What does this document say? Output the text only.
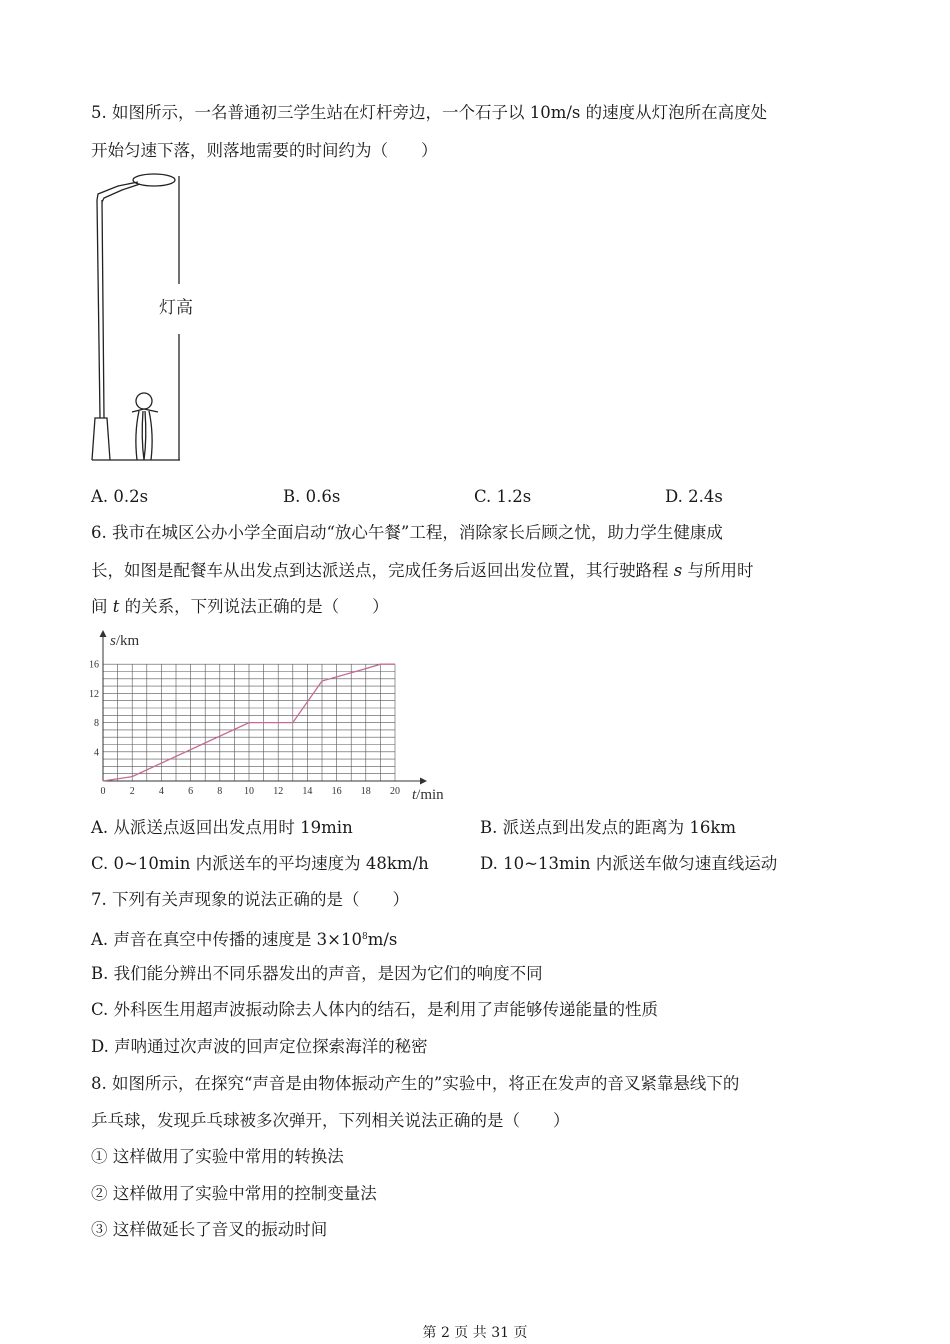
5. 如图所示，一名普通初三学生站在灯杆旁边，一个石子以 10m/s 的速度从灯泡所在高度处
开始匀速下落，则落地需要的时间约为（　　）
灯高
A. 0.2s	B. 0.6s	C. 1.2s	D. 2.4s
6. 我市在城区公办小学全面启动“放心午餐”工程，消除家长后顾之忧，助力学生健康成
长，如图是配餐车从出发点到达派送点，完成任务后返回出发位置，其行驶路程 s 与所用时
间 t 的关系，下列说法正确的是（　　）
0 2 4 6 8 10 12 14 16 18 20
4
8
12
16
s/km
t/min
A. 从派送点返回出发点用时 19min	B. 派送点到出发点的距离为 16km
C. 0~10min 内派送车的平均速度为 48km/h	D. 10~13min 内派送车做匀速直线运动
7. 下列有关声现象的说法正确的是（　　）
A. 声音在真空中传播的速度是 $3\times 10^8m/s$
B. 我们能分辨出不同乐器发出的声音，是因为它们的响度不同
C. 外科医生用超声波振动除去人体内的结石，是利用了声能够传递能量的性质
D. 声呐通过次声波的回声定位探索海洋的秘密
8. 如图所示，在探究“声音是由物体振动产生的”实验中，将正在发声的音叉紧靠悬线下的
乒乓球，发现乒乓球被多次弹开，下列相关说法正确的是（　　）
① 这样做用了实验中常用的转换法
② 这样做用了实验中常用的控制变量法
③ 这样做延长了音叉的振动时间
第 2 页 共 31 页
